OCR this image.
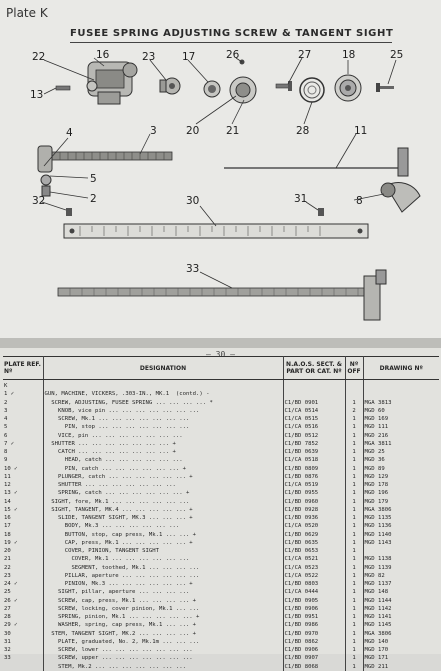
Plate K
FUSEE SPRING ADJUSTING SCREW & TANGENT SIGHT
22	16	23	17	26	27	18	25
13
20	21	28
3	11
4
5
32	2	30	31	8
33
— 30 —
PLATE REF. Nº	DESIGNATION	N.A.O.S. SECT. & PART OR CAT. Nº	Nº OFF	DRAWING Nº
K				
1 ✓	GUN, MACHINE, VICKERS, .303-IN., MK.1  (contd.) -			
2	SCREW, ADJUSTING, FUSEE SPRING ... ... ... ... *	C1/BD 0901	1	MGA 3813
3	KNOB, vice pin ... ... ... ... ... ... ...	C1/CA 0514	2	MGD 60
4	SCREW, Mk.1 ... ... ... ... ... ... ...	C1/CA 0515	1	MGD 169
5	PIN, stop ... ... ... ... ... ... ...	C1/CA 0516	1	MGD 111
6	VICE, pin ... ... ... ... ... ... ...	C1/BD 0512	1	MGD 216
7 ✓	SHUTTER ... ... ... ... ... ... ... +	C1/BD 7852	1	MGA 3811
8	CATCH ... ... ... ... ... ... ... +	C1/BD 0639	1	MGD 25
9	HEAD, catch ... ... ... ... ... ...	C1/CA 0518	1	MGD 36
10 ✓	PIN, catch ... ... ... ... ... ... +	C1/BD 0809	1	MGD 89
11	PLUNGER, catch ... ... ... ... ... ... +	C1/BD 0876	1	MGD 129
12	SHUTTER ... ... ... ... ... ... ...	C1/CA 0519	1	MGD 178
13 ✓	SPRING, catch ... ... ... ... ... ... +	C1/BD 0955	1	MGD 196
14	SIGHT, fore, Mk.1 ... ... ... ... ... ...	C1/BD 0960	1	MGD 179
15 ✓	SIGHT, TANGENT, MK.4 ... ... ... ... ... +	C1/BD 0928	1	MGA 3806
16	SLIDE, TANGENT SIGHT, MK.3 ... ... ... +	C1/BD 0936	1	MGD 1135
17	BODY, Mk.3 ... ... ... ... ... ...	C1/CA 0520	1	MGD 1136
18	BUTTON, stop, cap press, Mk.1 ... ... +	C1/BD 0629	1	MGD 1140
19 ✓	CAP, press, Mk.1 ... ... ... ... ... +	C1/BD 0635	1	MGD 1143
20	COVER, PINION, TANGENT SIGHT	C1/BD 0653	1	
21	COVER, Mk.1 ... ... ... ... ... ...	C1/CA 0521	1	MGD 1138
22	SEGMENT, toothed, Mk.1 ... ... ... ...	C1/CA 0523	1	MGD 1139
23	PILLAR, aperture ... ... ... ... ... ...	C1/CA 0522	1	MGD 82
24 ✓	PINION, Mk.3 ... ... ... ... ... ... +	C1/BD 0803	1	MGD 1137
25	SIGHT, pillar, aperture ... ... ... ...	C1/CA 0444	1	MGD 148
26 ✓	SCREW, cap, press, Mk.1 ... ... ... ... +	C1/BD 0905	1	MGD 1144
27	SCREW, locking, cover pinion, Mk.1 ... ...	C1/BD 0906	1	MGD 1142
28	SPRING, pinion, Mk.1 ... ... ... ... ... +	C1/BD 0951	1	MGD 1141
29 ✓	WASHER, spring, cap press, Mk.1 ... ... +	C1/BD 0986	1	MGD 1145
30	STEM, TANGENT SIGHT, MK.2 ... ... ... ... +	C1/BD 0970	1	MGA 3806
31	PLATE, graduated, No. 2, Mk.1m ... ... ...	C1/BD 0862	1	MGD 140
32	SCREW, lower ... ... ... ... ... ... ...	C1/BD 0906	1	MGD 170
33	SCREW, upper ... ... ... ... ... ... ...	C1/BD 0907	1	MGD 171
	STEM, Mk.2 ... ... ... ... ... ... ...	C1/BD 8068	1	MGD 211
